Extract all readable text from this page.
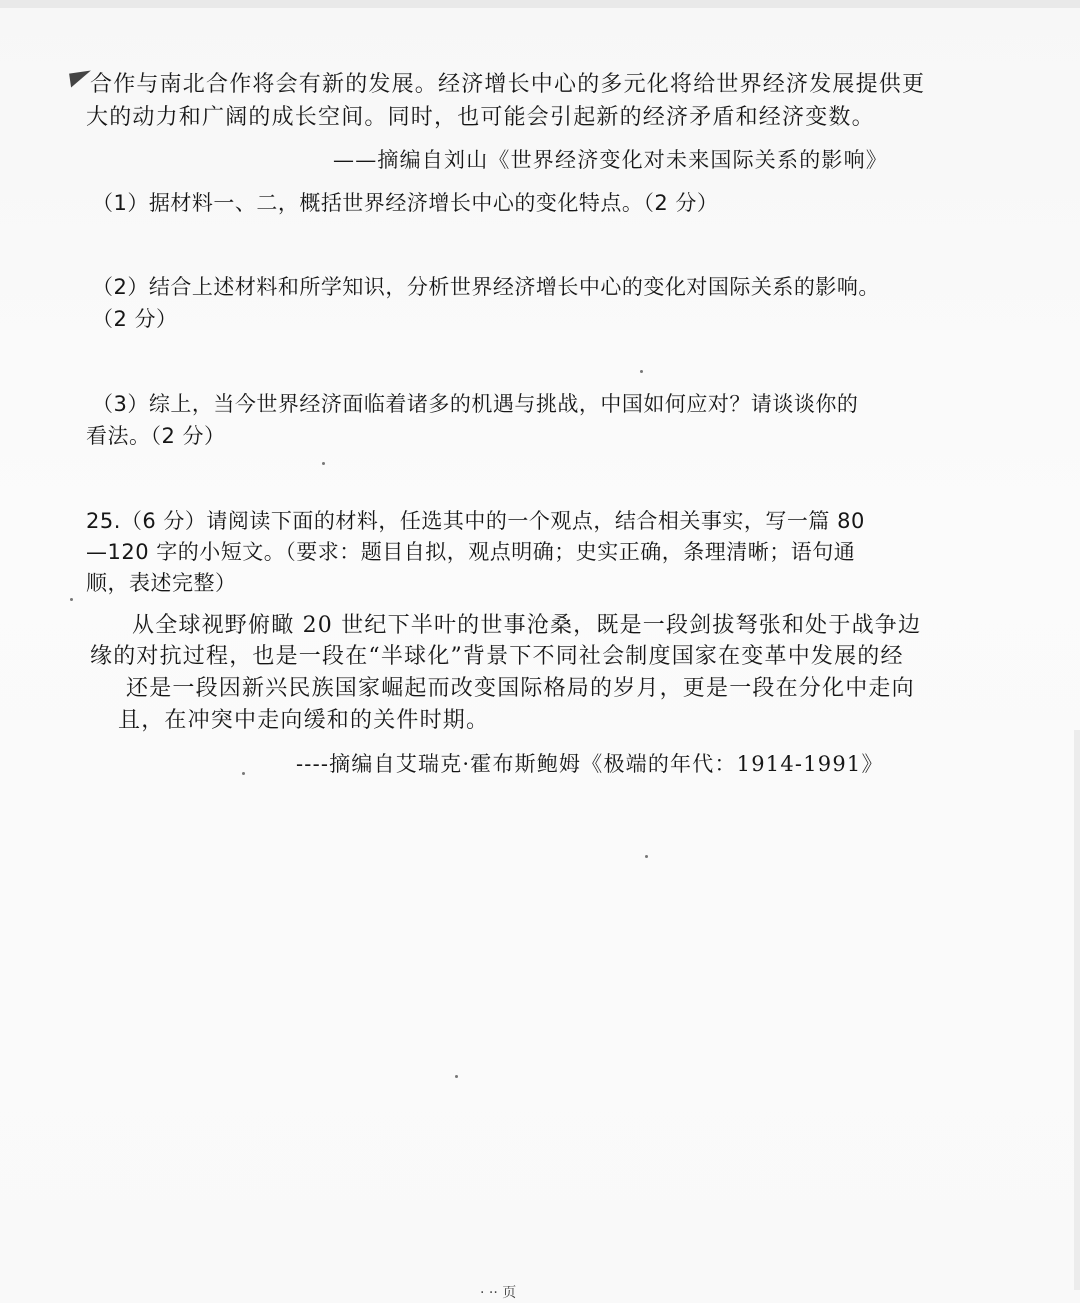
合作与南北合作将会有新的发展。经济增长中心的多元化将给世界经济发展提供更
大的动力和广阔的成长空间。同时，也可能会引起新的经济矛盾和经济变数。
——摘编自刘山《世界经济变化对未来国际关系的影响》
（1）据材料一、二，概括世界经济增长中心的变化特点。（2 分）
（2）结合上述材料和所学知识，分析世界经济增长中心的变化对国际关系的影响。
（2 分）
（3）综上，当今世界经济面临着诸多的机遇与挑战，中国如何应对？请谈谈你的
看法。（2 分）
25.（6 分）请阅读下面的材料，任选其中的一个观点，结合相关事实，写一篇 80
—120 字的小短文。（要求：题目自拟，观点明确；史实正确，条理清晰；语句通
顺，表述完整）
从全球视野俯瞰 20 世纪下半叶的世事沧桑，既是一段剑拔弩张和处于战争边
缘的对抗过程，也是一段在“半球化”背景下不同社会制度国家在变革中发展的经
还是一段因新兴民族国家崛起而改变国际格局的岁月，更是一段在分化中走向
且，在冲突中走向缓和的关件时期。
----摘编自艾瑞克·霍布斯鲍姆《极端的年代：1914-1991》
· ·· 页
